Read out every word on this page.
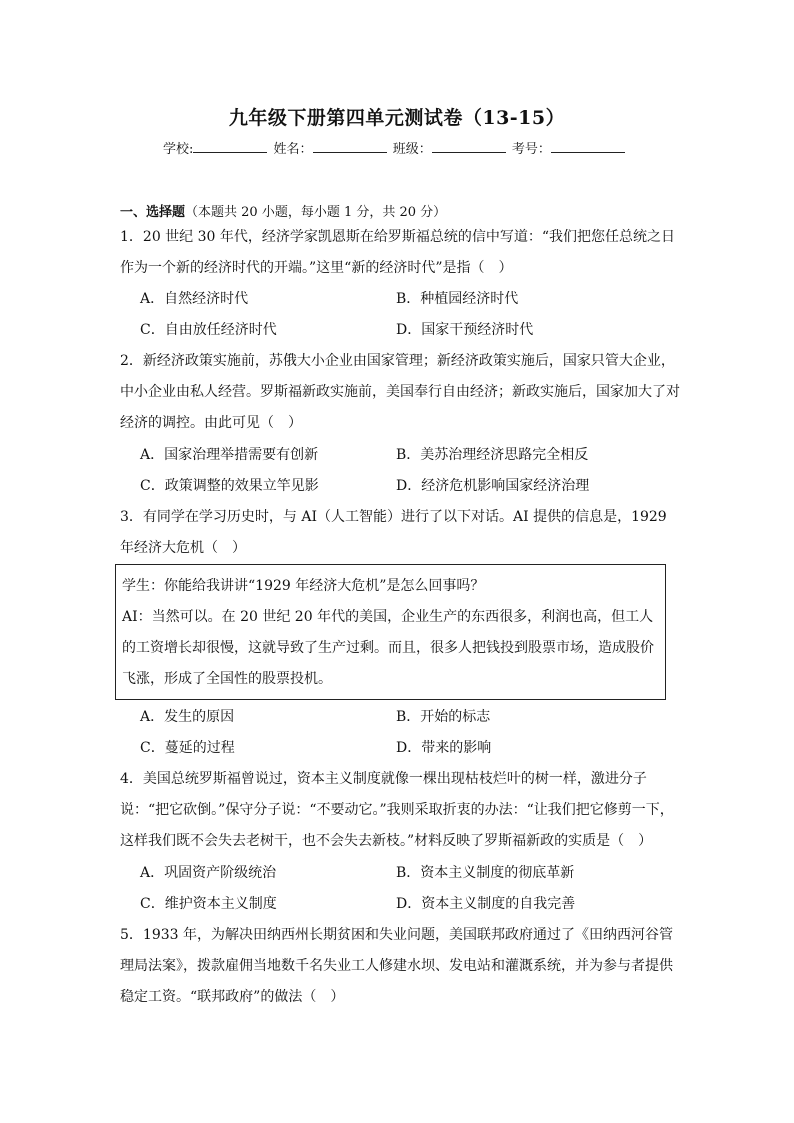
九年级下册第四单元测试卷（13-15）
学校:	姓名：	班级：	考号：
一、选择题（本题共 20 小题，每小题 1 分，共 20 分）
1．20 世纪 30 年代，经济学家凯恩斯在给罗斯福总统的信中写道：“我们把您任总统之日作为一个新的经济时代的开端。”这里“新的经济时代”是指（　）
A．自然经济时代	B．种植园经济时代
C．自由放任经济时代	D．国家干预经济时代
2．新经济政策实施前，苏俄大小企业由国家管理；新经济政策实施后，国家只管大企业，中小企业由私人经营。罗斯福新政实施前，美国奉行自由经济；新政实施后，国家加大了对经济的调控。由此可见（　）
A．国家治理举措需要有创新	B．美苏治理经济思路完全相反
C．政策调整的效果立竿见影	D．经济危机影响国家经济治理
3．有同学在学习历史时，与 AI（人工智能）进行了以下对话。AI 提供的信息是，1929 年经济大危机（　）
学生：你能给我讲讲“1929 年经济大危机”是怎么回事吗？
AI：当然可以。在 20 世纪 20 年代的美国，企业生产的东西很多，利润也高，但工人的工资增长却很慢，这就导致了生产过剩。而且，很多人把钱投到股票市场，造成股价飞涨，形成了全国性的股票投机。
A．发生的原因	B．开始的标志
C．蔓延的过程	D．带来的影响
4．美国总统罗斯福曾说过，资本主义制度就像一棵出现枯枝烂叶的树一样，激进分子说：“把它砍倒。”保守分子说：“不要动它。”我则采取折衷的办法：“让我们把它修剪一下，这样我们既不会失去老树干，也不会失去新枝。”材料反映了罗斯福新政的实质是（　）
A．巩固资产阶级统治	B．资本主义制度的彻底革新
C．维护资本主义制度	D．资本主义制度的自我完善
5．1933 年，为解决田纳西州长期贫困和失业问题，美国联邦政府通过了《田纳西河谷管理局法案》，拨款雇佣当地数千名失业工人修建水坝、发电站和灌溉系统，并为参与者提供稳定工资。“联邦政府”的做法（　）
